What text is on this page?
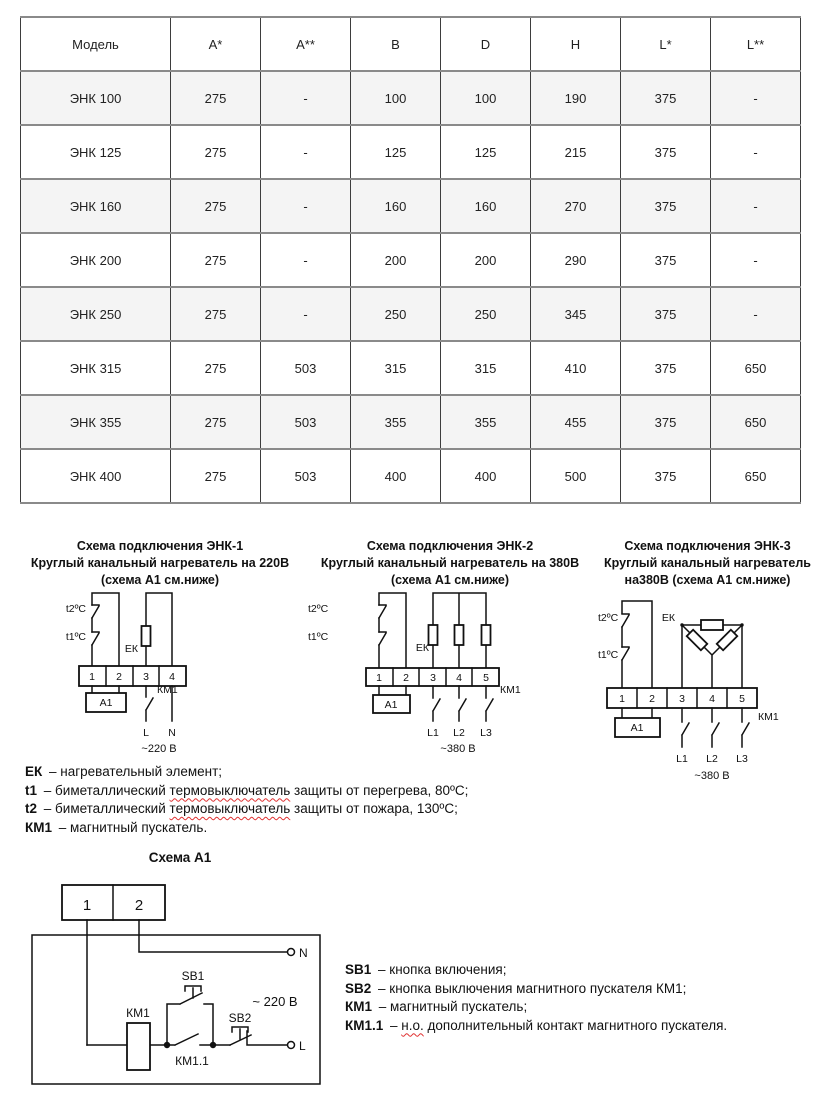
Модель	A*	A**	B	D	H	L*	L**
ЭНК 100	275	-	100	100	190	375	-
ЭНК 125	275	-	125	125	215	375	-
ЭНК 160	275	-	160	160	270	375	-
ЭНК 200	275	-	200	200	290	375	-
ЭНК 250	275	-	250	250	345	375	-
ЭНК 315	275	503	315	315	410	375	650
ЭНК 355	275	503	355	355	455	375	650
ЭНК 400	275	503	400	400	500	375	650
Схема подключения ЭНК-1
Круглый канальный нагреватель на 220В
(схема А1 см.ниже)
Схема подключения ЭНК-2
Круглый канальный нагреватель на 380В
(схема А1 см.ниже)
Схема подключения ЭНК-3
Круглый канальный нагреватель
на380В (схема А1 см.ниже)
1 2 3 4
А1
КМ1
t2ºС
t1ºС
ЕК
L N
~220 В
1 2 3 4 5
А1
КМ1
t2ºС
t1ºС
ЕК
L1 L2 L3
~380 В
1 2 3 4 5
А1
КМ1
t2ºС
t1ºС
ЕК
L1 L2 L3
~380 В
ЕК – нагревательный элемент;
t1 – биметаллический термовыключатель защиты от перегрева, 80ºС;
t2 – биметаллический термовыключатель защиты от пожара, 130ºС;
КМ1 – магнитный пускатель.
Схема А1
1	2
N
L
КМ1
КМ1.1
SB1
SB2
~ 220 В
SB1 – кнопка включения;
SB2 – кнопка выключения магнитного пускателя КМ1;
КМ1 – магнитный пускатель;
КМ1.1 – н.о. дополнительный контакт магнитного пускателя.
